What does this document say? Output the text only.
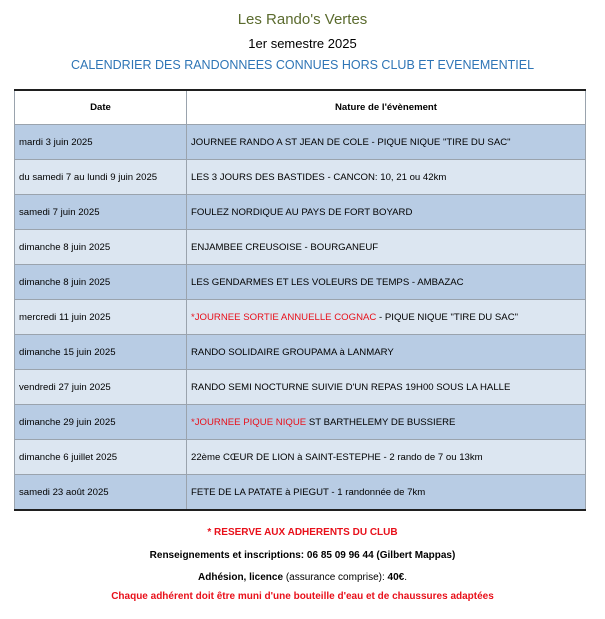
Les Rando's Vertes
1er semestre 2025
CALENDRIER DES RANDONNEES CONNUES HORS CLUB ET EVENEMENTIEL
Date	Nature de l'évènement
mardi 3 juin 2025	JOURNEE RANDO A ST JEAN DE COLE - PIQUE NIQUE "TIRE DU SAC"
du samedi 7 au lundi 9 juin 2025	LES 3 JOURS DES BASTIDES - CANCON: 10, 21 ou 42km
samedi 7 juin 2025	FOULEZ NORDIQUE AU PAYS DE FORT BOYARD
dimanche 8 juin 2025	ENJAMBEE CREUSOISE - BOURGANEUF
dimanche 8 juin 2025	LES GENDARMES ET LES VOLEURS DE TEMPS - AMBAZAC
mercredi 11 juin 2025	*JOURNEE SORTIE ANNUELLE COGNAC - PIQUE NIQUE "TIRE DU SAC"
dimanche 15 juin 2025	RANDO SOLIDAIRE GROUPAMA à LANMARY
vendredi 27 juin 2025	RANDO SEMI NOCTURNE SUIVIE D'UN REPAS 19H00 SOUS LA HALLE
dimanche 29 juin 2025	*JOURNEE PIQUE NIQUE ST BARTHELEMY DE BUSSIERE
dimanche 6 juillet 2025	22ème CŒUR DE LION à SAINT-ESTEPHE - 2 rando de 7 ou 13km
samedi 23 août 2025	FETE DE LA PATATE à PIEGUT - 1 randonnée de 7km
* RESERVE AUX ADHERENTS DU CLUB
Renseignements et inscriptions: 06 85 09 96 44 (Gilbert Mappas)
Adhésion, licence (assurance comprise): 40€.
Chaque adhérent doit être muni d'une bouteille d'eau et de chaussures adaptées
